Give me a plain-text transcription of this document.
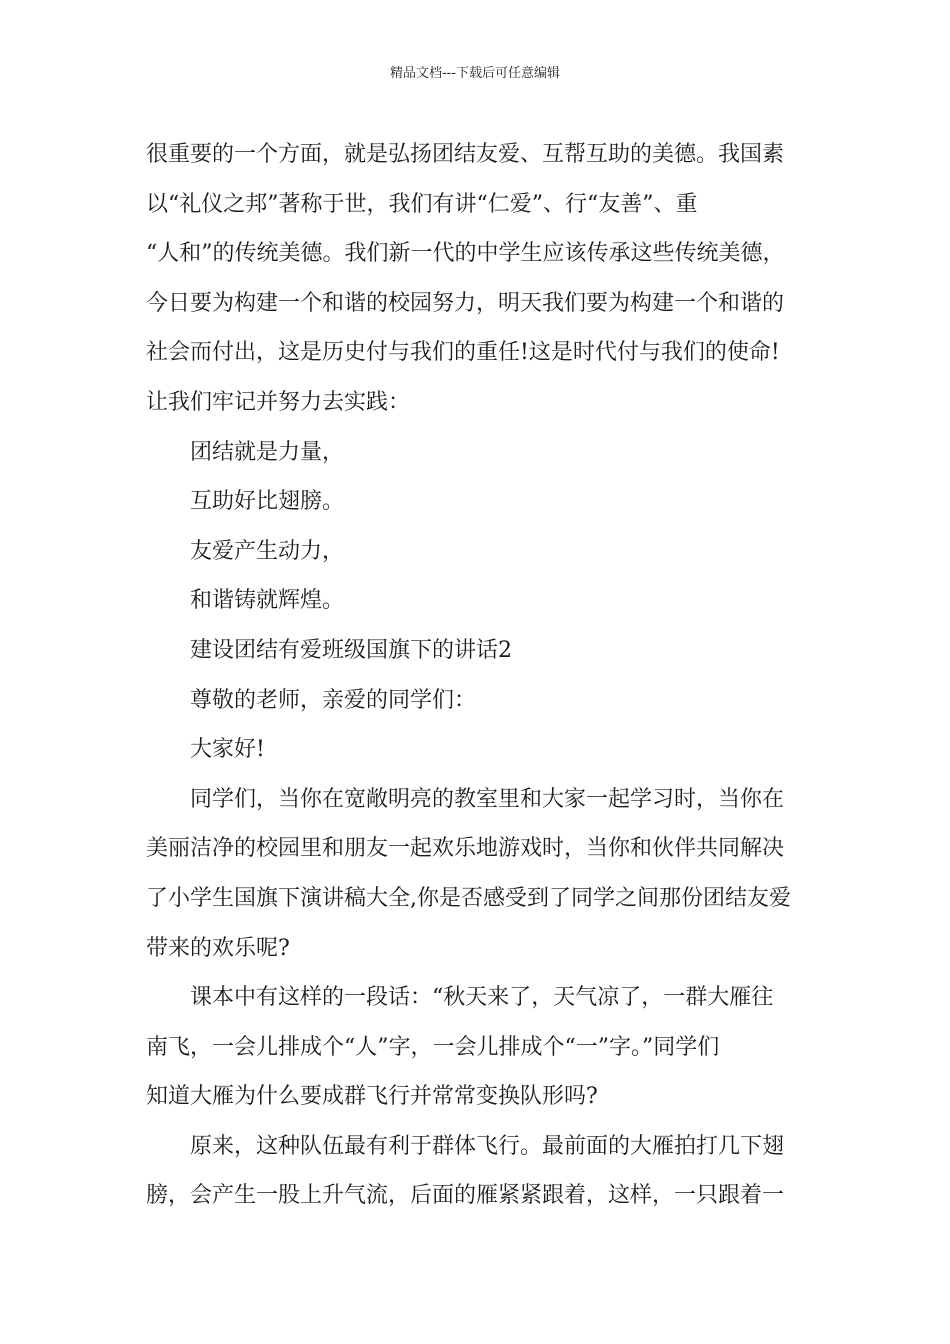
精品文档---下载后可任意编辑
很重要的一个方面，就是弘扬团结友爱、互帮互助的美德。我国素
以“礼仪之邦”著称于世，我们有讲“仁爱”、行“友善”、重
“人和”的传统美德。我们新一代的中学生应该传承这些传统美德，
今日要为构建一个和谐的校园努力，明天我们要为构建一个和谐的
社会而付出，这是历史付与我们的重任!这是时代付与我们的使命!
让我们牢记并努力去实践：
团结就是力量，
互助好比翅膀。
友爱产生动力，
和谐铸就辉煌。
建设团结有爱班级国旗下的讲话2
尊敬的老师，亲爱的同学们：
大家好!
同学们，当你在宽敞明亮的教室里和大家一起学习时，当你在
美丽洁净的校园里和朋友一起欢乐地游戏时，当你和伙伴共同解决
了小学生国旗下演讲稿大全,你是否感受到了同学之间那份团结友爱
带来的欢乐呢?
课本中有这样的一段话：“秋天来了，天气凉了，一群大雁往
南飞，一会儿排成个“人”字，一会儿排成个“一”字。”同学们
知道大雁为什么要成群飞行并常常变换队形吗?
原来，这种队伍最有利于群体飞行。最前面的大雁拍打几下翅
膀，会产生一股上升气流，后面的雁紧紧跟着，这样，一只跟着一
